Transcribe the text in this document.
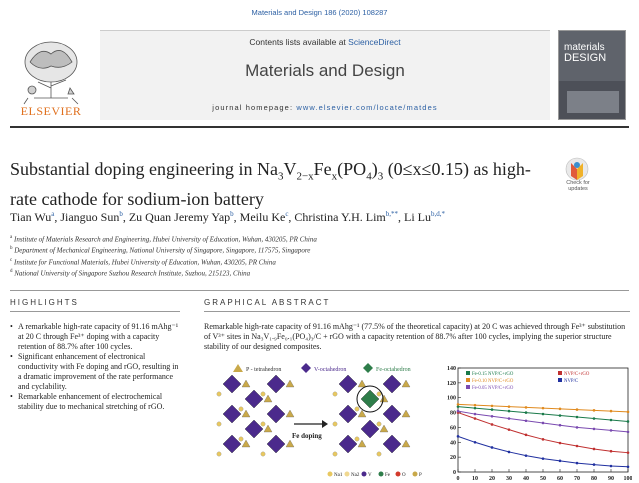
Materials and Design 186 (2020) 108287
ELSEVIER
Contents lists available at ScienceDirect
Materials and Design
journal homepage: www.elsevier.com/locate/matdes
materials
DESIGN
Substantial doping engineering in $Na_3V_{2-x}Fe_x(PO_4)_3$ (0≤x≤0.15) as high-rate cathode for sodium-ion battery
Check for
updates
Tian Wu$^a$, Jianguo Sun$^b$, Zu Quan Jeremy Yap$^b$, Meilu Ke$^c$, Christina Y.H. Lim$^{b,**}$, Li $Lu^{b,d,*}$
$^a$ Institute of Materials Research and Engineering, Hubei University of Education, Wuhan, 430205, PR China
$^b$ Department of Mechanical Engineering, National University of Singapore, Singapore, 117575, Singapore
$^c$ Institute for Functional Materials, Hubei University of Education, Wuhan, 430205, PR China
$^d$ National University of Singapore Suzhou Research Institute, Suzhou, 215123, China
HIGHLIGHTS	GRAPHICAL ABSTRACT
• A remarkable high-rate capacity of 91.16 mAhg⁻¹ at 20 C through Fe³⁺ doping with a capacity retention of 88.7% after 100 cycles.
• Significant enhancement of electronical conductivity with Fe doping and rGO, resulting in a dramatic improvement of the rate performance and cyclability.
• Remarkable enhancement of electrochemical stability due to mechanical stretching of rGO.
Remarkable high-rate capacity of 91.16 mAhg⁻¹ (77.5% of the theoretical capacity) at 20 C was achieved through Fe³⁺ substitution of V³⁺ sites in Na₃V₁.₉Fe₀.₁(PO₄)₃/C + rGO with a capacity retention of 88.7% after 100 cycles, implying the superior structure stability of our designed composites.
P - tetrahedron	V-octahedron	Fe-octahedron
Fe doping
Na1 Na2 V	Fe O	P	0
20
40
60
80
100
120
140
0 10 20 30 40 50 60 70 80 90 100
Fe-0.15 NVP/C+rGO	NVP/C+rGO
Fe-0.10 NVP/C+rGO	NVP/C
Fe-0.05 NVP/C+rGO
